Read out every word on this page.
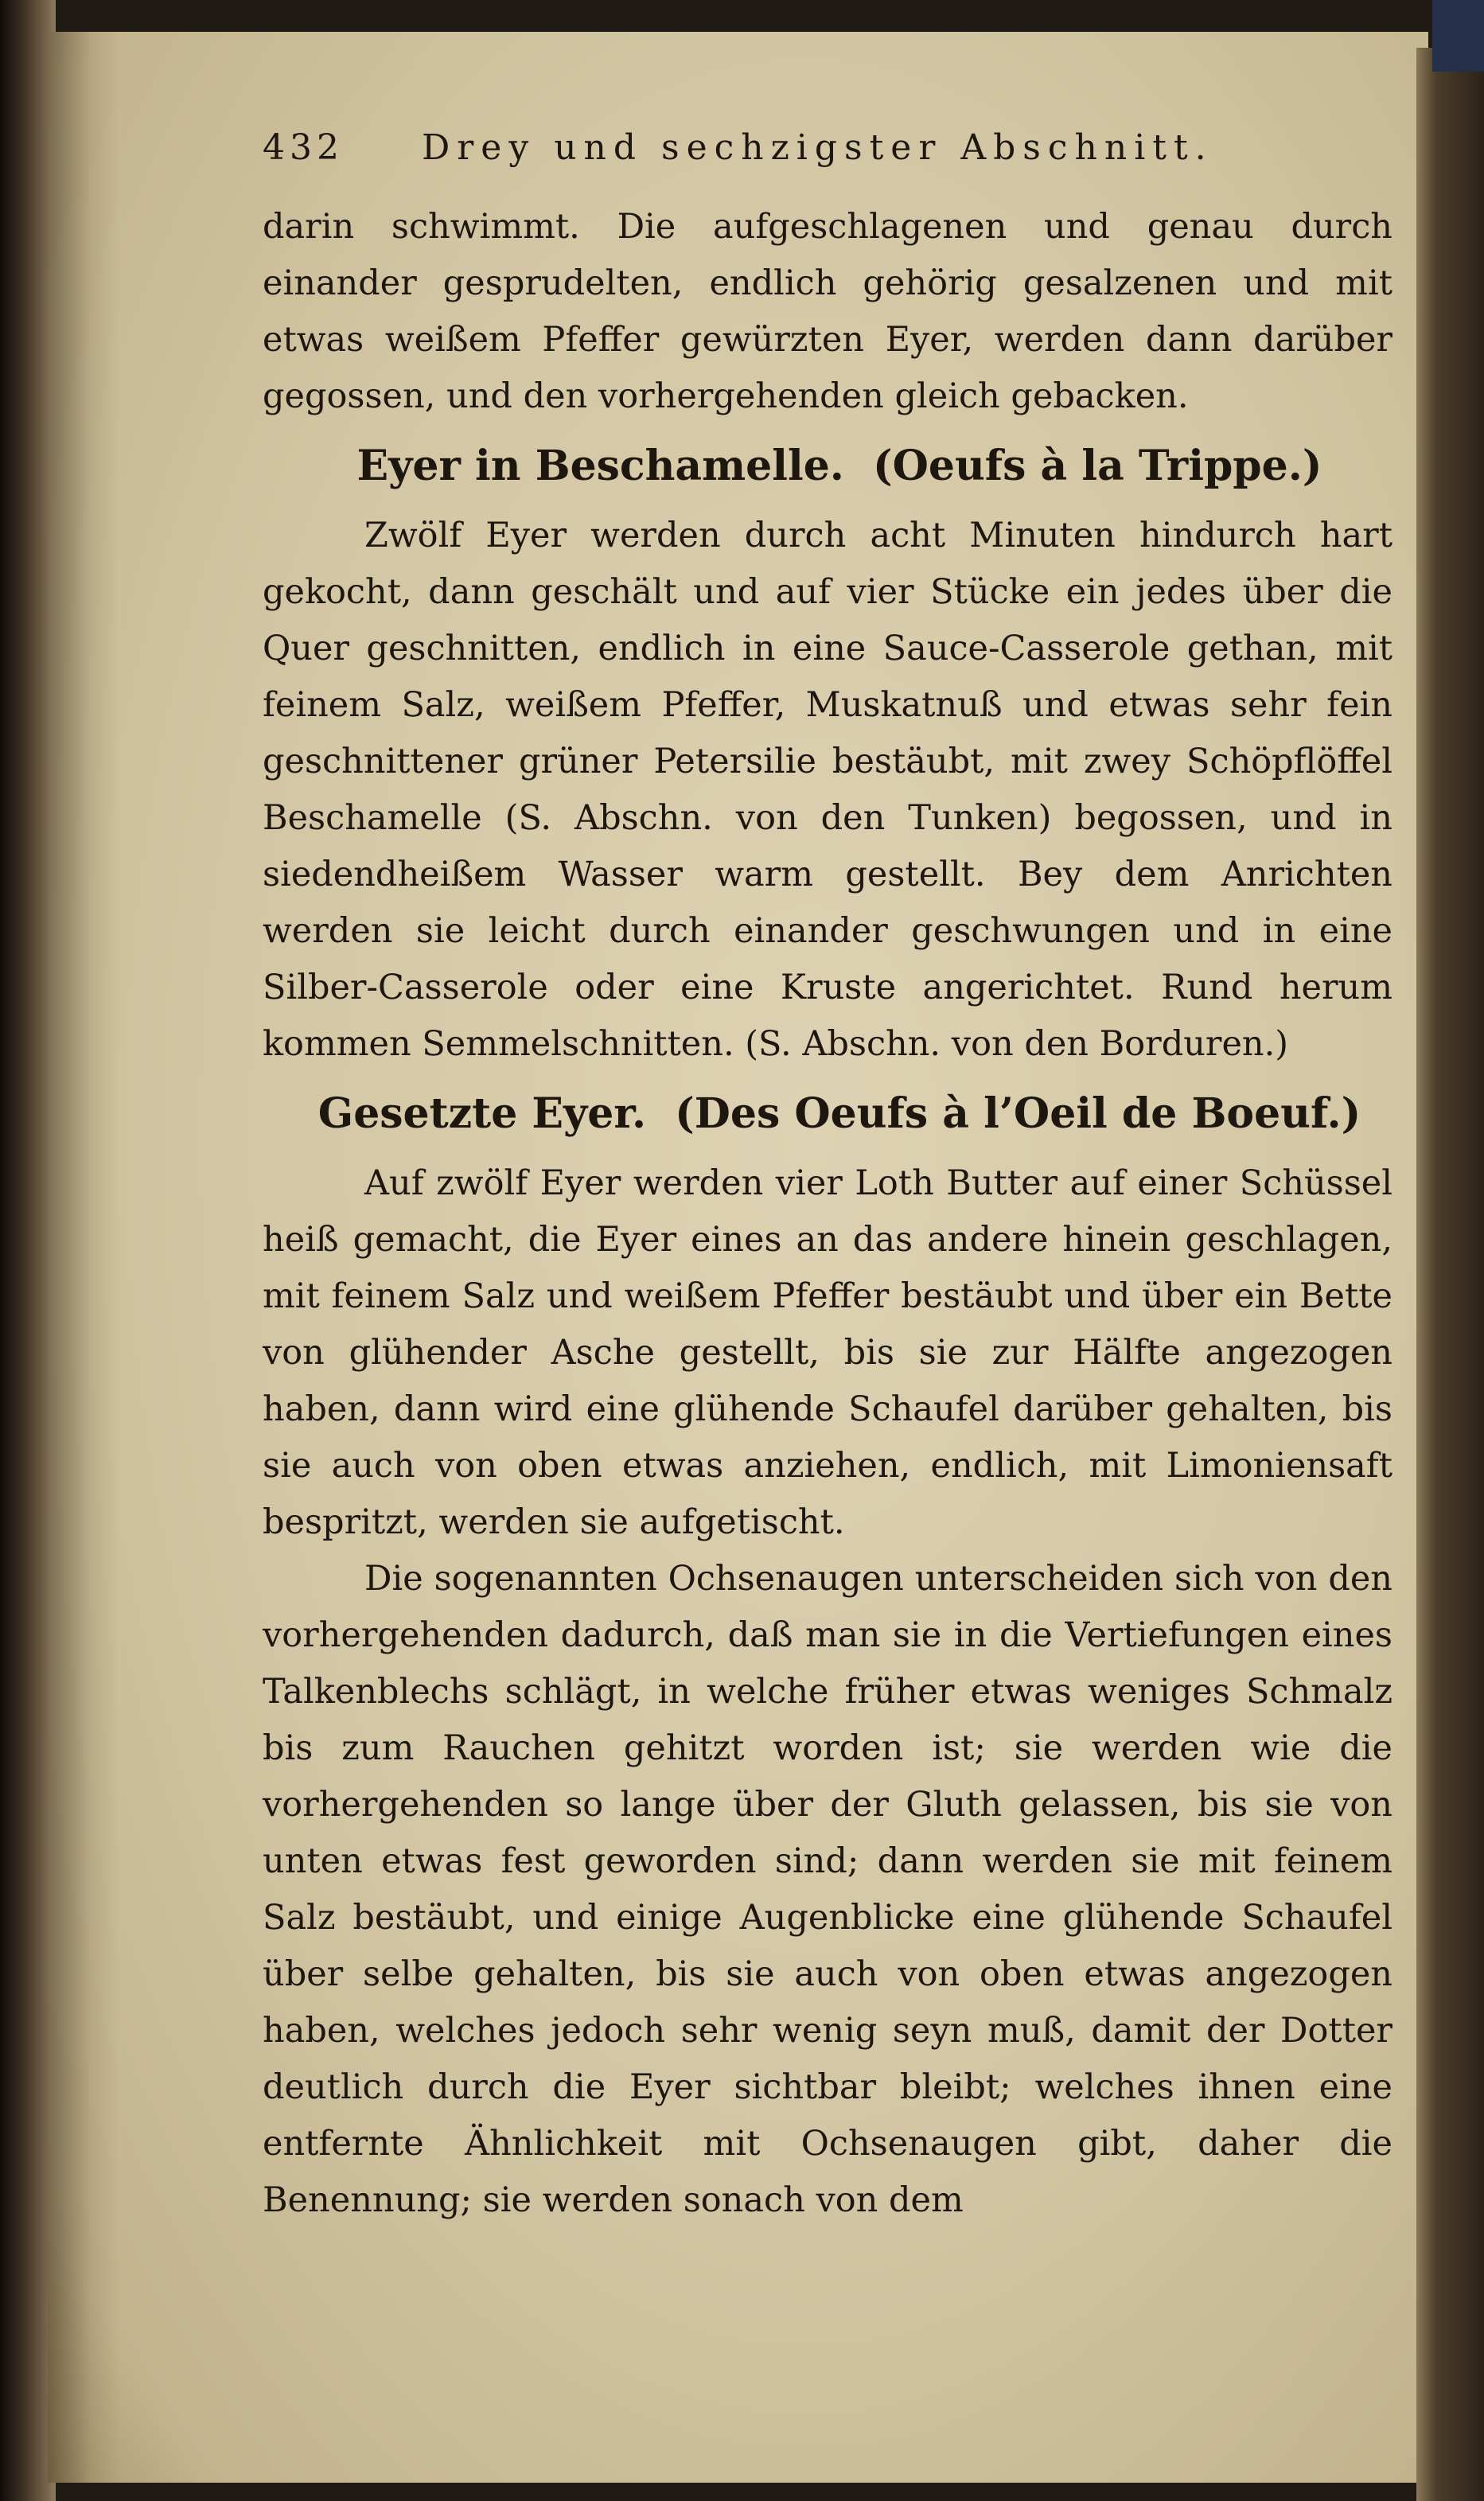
432	Drey und sechzigster Abschnitt.

darin schwimmt. Die aufgeschlagenen und genau durch einander gesprudelten, endlich gehörig gesalzenen und mit etwas weißem Pfeffer gewürzten Eyer, werden dann darüber gegossen, und den vorhergehenden gleich gebacken.

Eyer in Beschamelle. (Oeufs à la Trippe.)

Zwölf Eyer werden durch acht Minuten hindurch hart gekocht, dann geschält und auf vier Stücke ein jedes über die Quer geschnitten, endlich in eine Sauce-Casserole gethan, mit feinem Salz, weißem Pfeffer, Muskatnuß und etwas sehr fein geschnittener grüner Petersilie bestäubt, mit zwey Schöpflöffel Beschamelle (S. Abschn. von den Tunken) begossen, und in siedendheißem Wasser warm gestellt. Bey dem Anrichten werden sie leicht durch einander geschwungen und in eine Silber-Casserole oder eine Kruste angerichtet. Rund herum kommen Semmelschnitten. (S. Abschn. von den Borduren.)

Gesetzte Eyer. (Des Oeufs à l’Oeil de Boeuf.)

Auf zwölf Eyer werden vier Loth Butter auf einer Schüssel heiß gemacht, die Eyer eines an das andere hinein geschlagen, mit feinem Salz und weißem Pfeffer bestäubt und über ein Bette von glühender Asche gestellt, bis sie zur Hälfte angezogen haben, dann wird eine glühende Schaufel darüber gehalten, bis sie auch von oben etwas anziehen, endlich, mit Limoniensaft bespritzt, werden sie aufgetischt.

Die sogenannten Ochsenaugen unterscheiden sich von den vorhergehenden dadurch, daß man sie in die Vertiefungen eines Talkenblechs schlägt, in welche früher etwas weniges Schmalz bis zum Rauchen gehitzt worden ist; sie werden wie die vorhergehenden so lange über der Gluth gelassen, bis sie von unten etwas fest geworden sind; dann werden sie mit feinem Salz bestäubt, und einige Augenblicke eine glühende Schaufel über selbe gehalten, bis sie auch von oben etwas angezogen haben, welches jedoch sehr wenig seyn muß, damit der Dotter deutlich durch die Eyer sichtbar bleibt; welches ihnen eine entfernte Ähnlichkeit mit Ochsenaugen gibt, daher die Benennung; sie werden sonach von dem
